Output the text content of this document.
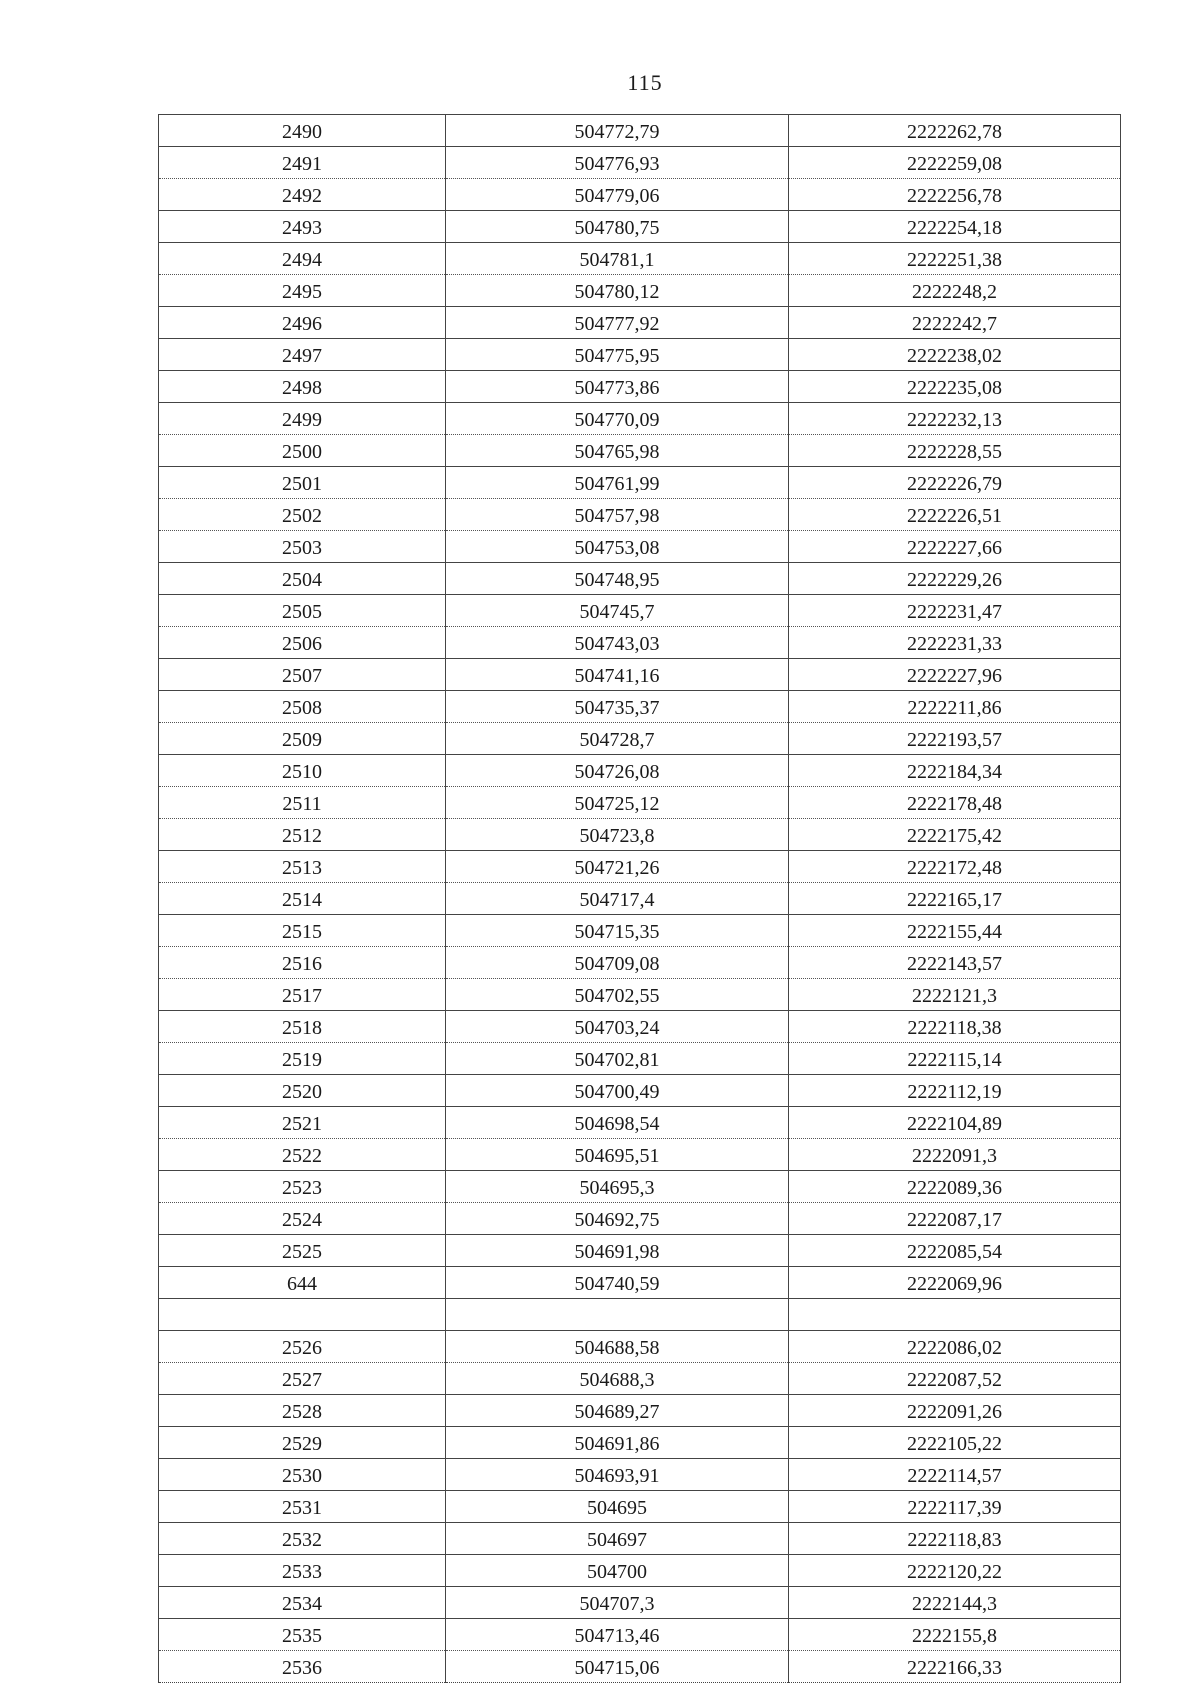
115
2490	504772,79	2222262,78
2491	504776,93	2222259,08
2492	504779,06	2222256,78
2493	504780,75	2222254,18
2494	504781,1	2222251,38
2495	504780,12	2222248,2
2496	504777,92	2222242,7
2497	504775,95	2222238,02
2498	504773,86	2222235,08
2499	504770,09	2222232,13
2500	504765,98	2222228,55
2501	504761,99	2222226,79
2502	504757,98	2222226,51
2503	504753,08	2222227,66
2504	504748,95	2222229,26
2505	504745,7	2222231,47
2506	504743,03	2222231,33
2507	504741,16	2222227,96
2508	504735,37	2222211,86
2509	504728,7	2222193,57
2510	504726,08	2222184,34
2511	504725,12	2222178,48
2512	504723,8	2222175,42
2513	504721,26	2222172,48
2514	504717,4	2222165,17
2515	504715,35	2222155,44
2516	504709,08	2222143,57
2517	504702,55	2222121,3
2518	504703,24	2222118,38
2519	504702,81	2222115,14
2520	504700,49	2222112,19
2521	504698,54	2222104,89
2522	504695,51	2222091,3
2523	504695,3	2222089,36
2524	504692,75	2222087,17
2525	504691,98	2222085,54
644	504740,59	2222069,96

2526	504688,58	2222086,02
2527	504688,3	2222087,52
2528	504689,27	2222091,26
2529	504691,86	2222105,22
2530	504693,91	2222114,57
2531	504695	2222117,39
2532	504697	2222118,83
2533	504700	2222120,22
2534	504707,3	2222144,3
2535	504713,46	2222155,8
2536	504715,06	2222166,33
